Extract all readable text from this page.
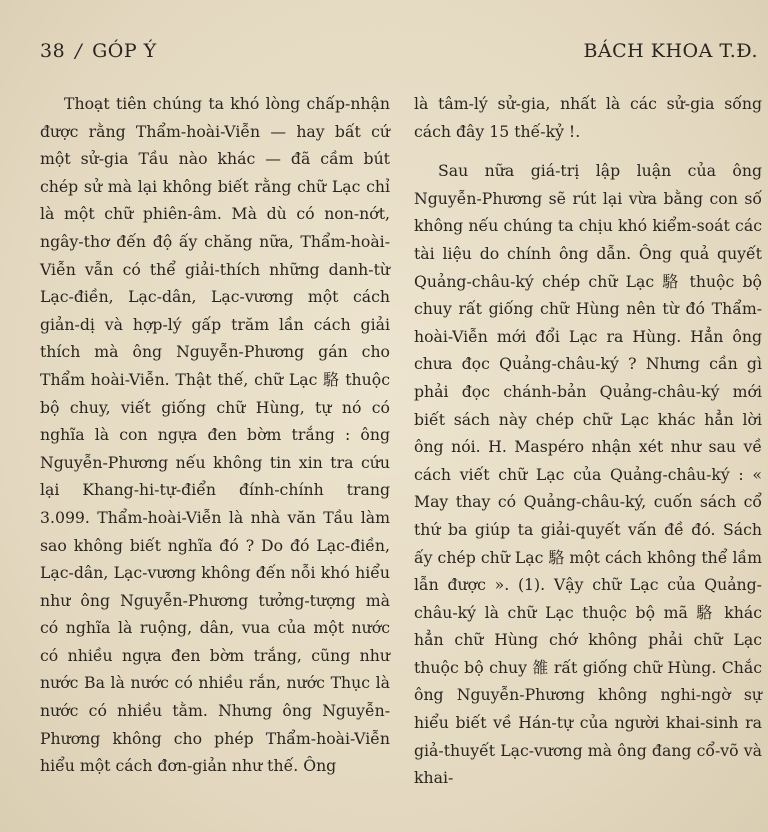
38 / GÓP Ý	BÁCH KHOA T.Đ.

Thoạt tiên chúng ta khó lòng chấp-nhận được rằng Thẩm-hoài-Viễn — hay bất cứ một sử-gia Tầu nào khác — đã cầm bút chép sử mà lại không biết rằng chữ Lạc chỉ là một chữ phiên-âm. Mà dù có non-nớt, ngây-thơ đến độ ấy chăng nữa, Thẩm-hoài-Viễn vẫn có thể giải-thích những danh-từ Lạc-điền, Lạc-dân, Lạc-vương một cách giản-dị và hợp-lý gấp trăm lần cách giải thích mà ông Nguyễn-Phương gán cho Thẩm hoài-Viễn. Thật thế, chữ Lạc 駱 thuộc bộ chuy, viết giống chữ Hùng, tự nó có nghĩa là con ngựa đen bờm trắng : ông Nguyễn-Phương nếu không tin xin tra cứu lại Khang-hi-tự-điển đính-chính trang 3.099. Thẩm-hoài-Viễn là nhà văn Tầu làm sao không biết nghĩa đó ? Do đó Lạc-điền, Lạc-dân, Lạc-vương không đến nỗi khó hiểu như ông Nguyễn-Phương tưởng-tượng mà có nghĩa là ruộng, dân, vua của một nước có nhiều ngựa đen bờm trắng, cũng như nước Ba là nước có nhiều rắn, nước Thục là nước có nhiều tằm. Nhưng ông Nguyễn-Phương không cho phép Thẩm-hoài-Viễn hiểu một cách đơn-giản như thế. Ông

là tâm-lý sử-gia, nhất là các sử-gia sống cách đây 15 thế-kỷ !.

Sau nữa giá-trị lập luận của ông Nguyễn-Phương sẽ rút lại vừa bằng con số không nếu chúng ta chịu khó kiểm-soát các tài liệu do chính ông dẫn. Ông quả quyết Quảng-châu-ký chép chữ Lạc 駱 thuộc bộ chuy rất giống chữ Hùng nên từ đó Thẩm-hoài-Viễn mới đổi Lạc ra Hùng. Hẳn ông chưa đọc Quảng-châu-ký ? Nhưng cần gì phải đọc chánh-bản Quảng-châu-ký mới biết sách này chép chữ Lạc khác hẳn lời ông nói. H. Maspéro nhận xét như sau về cách viết chữ Lạc của Quảng-châu-ký : « May thay có Quảng-châu-ký, cuốn sách cổ thứ ba giúp ta giải-quyết vấn đề đó. Sách ấy chép chữ Lạc 駱 một cách không thể lầm lẫn được ». (1). Vậy chữ Lạc của Quảng-châu-ký là chữ Lạc thuộc bộ mã 駱 khác hẳn chữ Hùng chớ không phải chữ Lạc thuộc bộ chuy 雒 rất giống chữ Hùng. Chắc ông Nguyễn-Phương không nghi-ngờ sự hiểu biết về Hán-tự của người khai-sinh ra giả-thuyết Lạc-vương mà ông đang cổ-võ và khai-
